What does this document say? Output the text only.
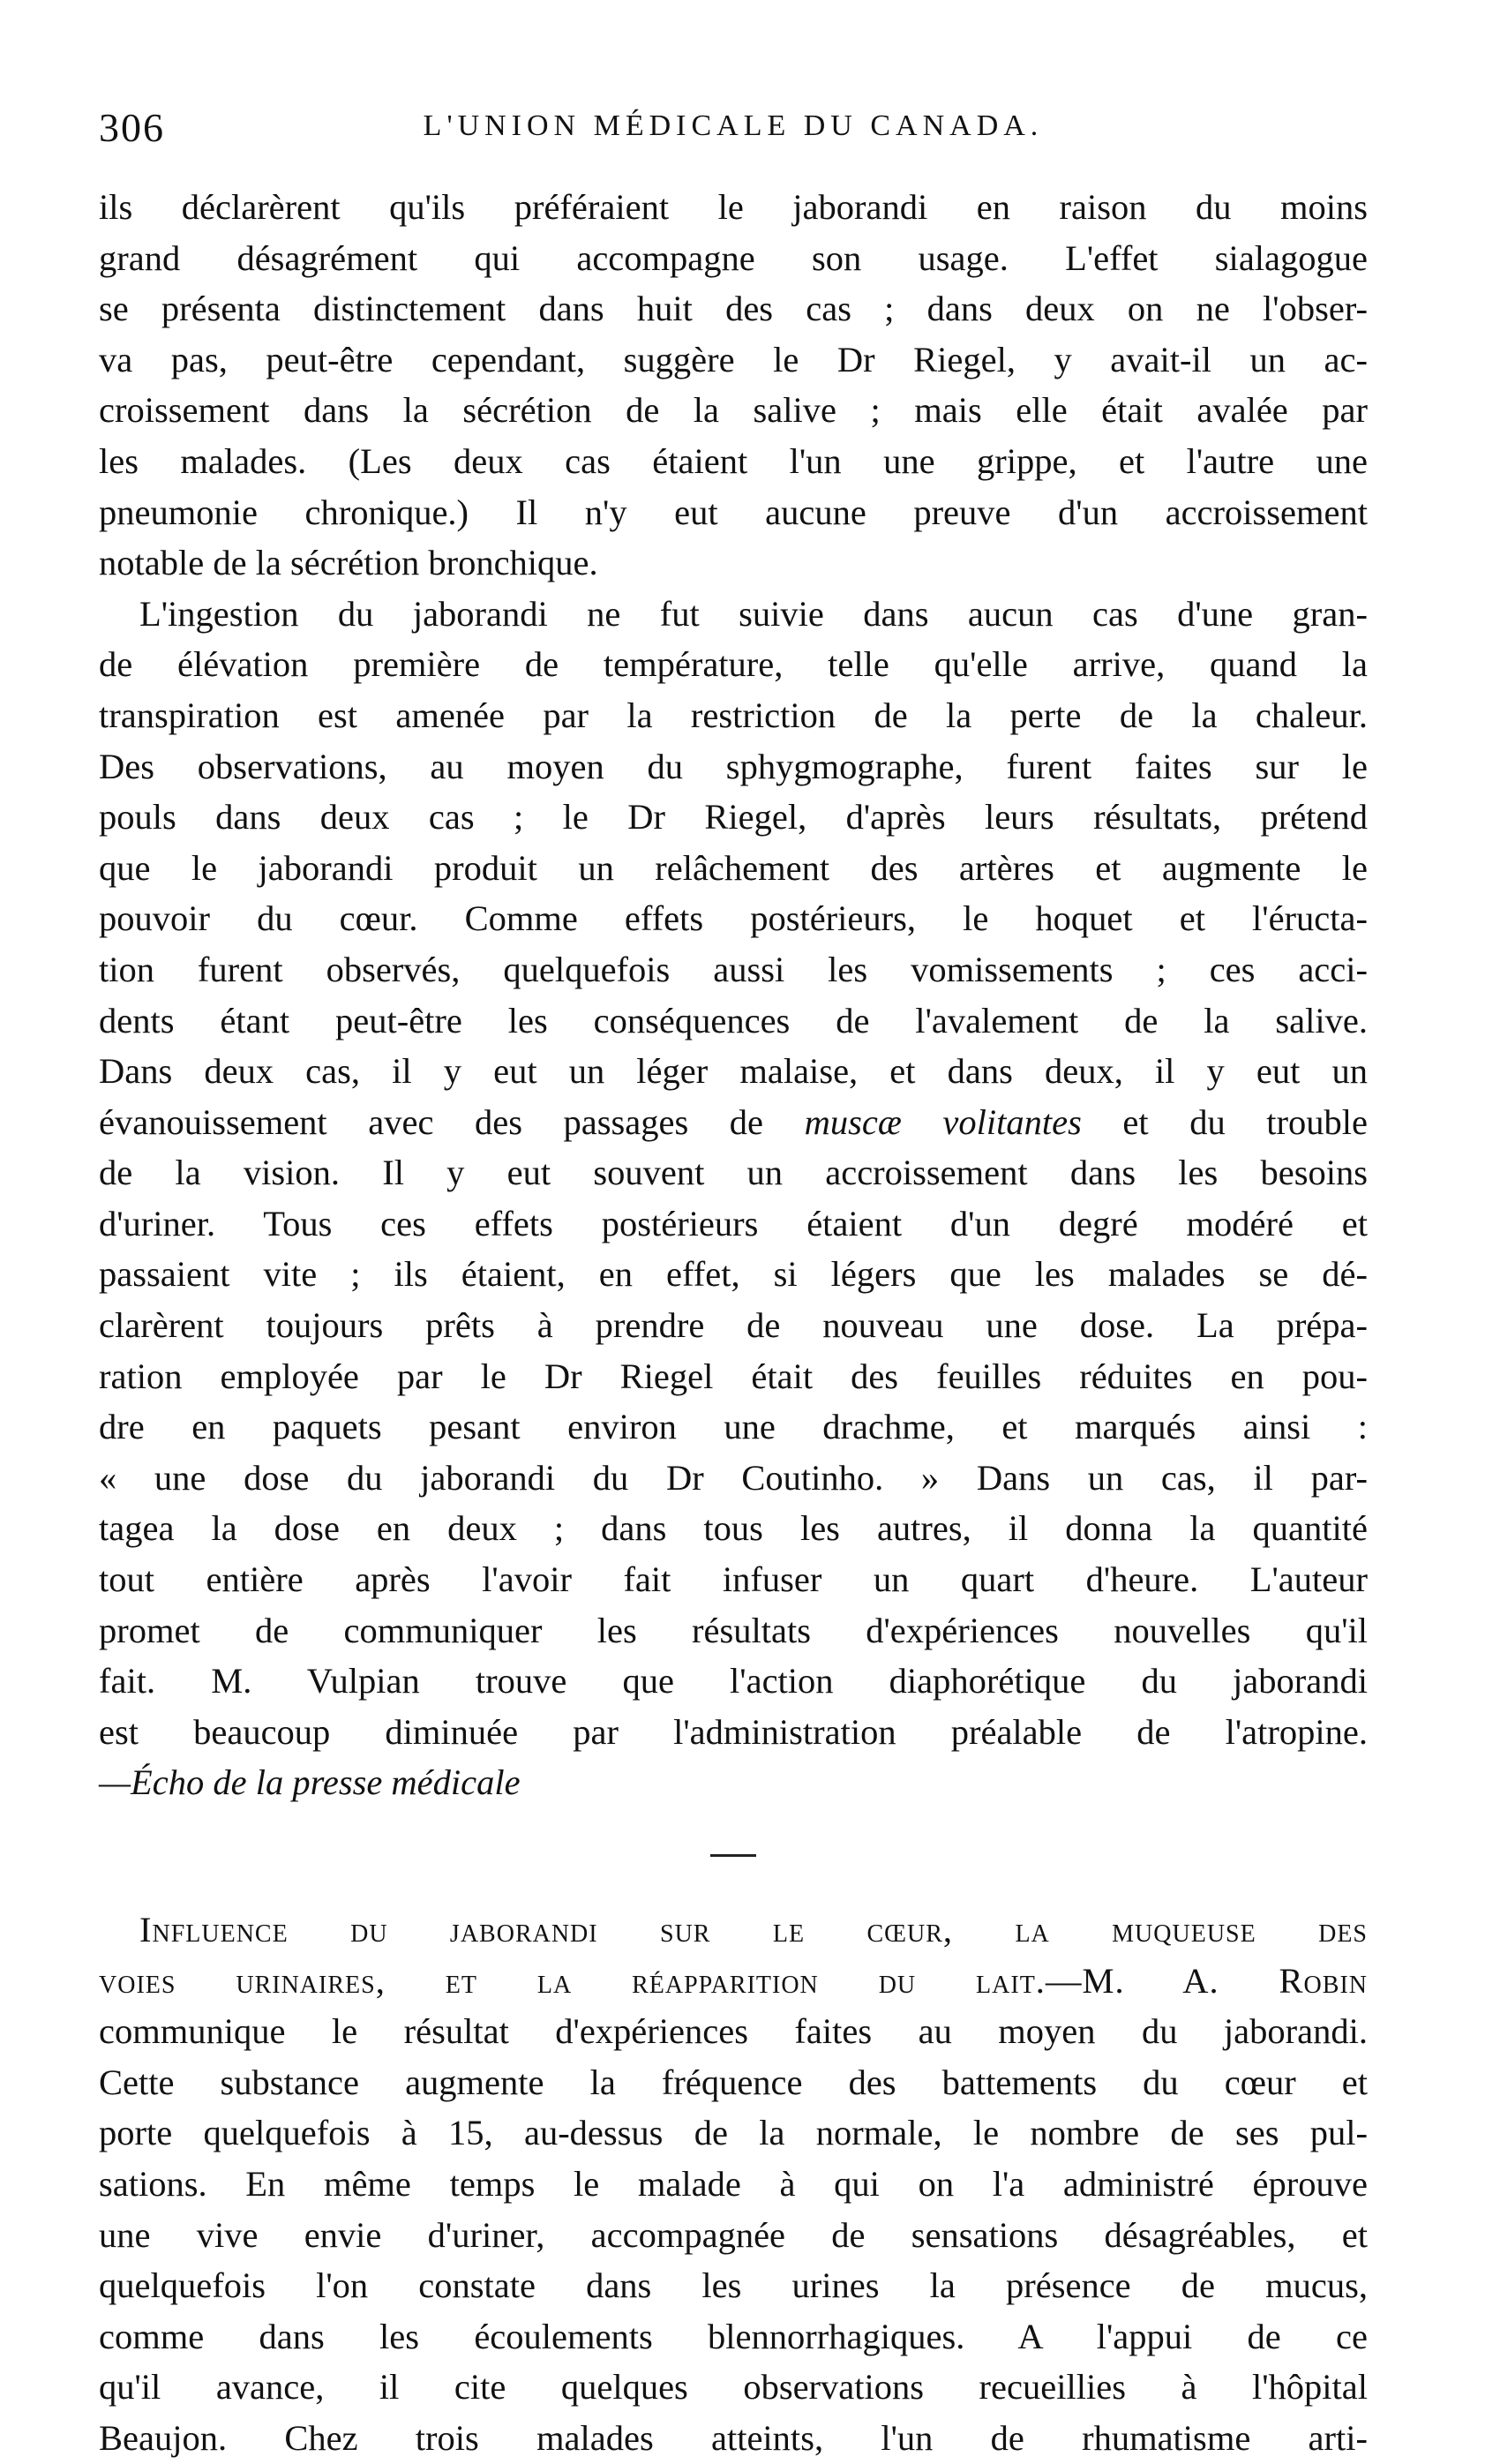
306	L'UNION MÉDICALE DU CANADA.
ils déclarèrent qu'ils préféraient le jaborandi en raison du moins
grand désagrément qui accompagne son usage. L'effet sialagogue
se présenta distinctement dans huit des cas ; dans deux on ne l'obser-
va pas, peut-être cependant, suggère le Dr Riegel, y avait-il un ac-
croissement dans la sécrétion de la salive ; mais elle était avalée par
les malades. (Les deux cas étaient l'un une grippe, et l'autre une
pneumonie chronique.) Il n'y eut aucune preuve d'un accroissement
notable de la sécrétion bronchique.
L'ingestion du jaborandi ne fut suivie dans aucun cas d'une gran-
de élévation première de température, telle qu'elle arrive, quand la
transpiration est amenée par la restriction de la perte de la chaleur.
Des observations, au moyen du sphygmographe, furent faites sur le
pouls dans deux cas ; le Dr Riegel, d'après leurs résultats, prétend
que le jaborandi produit un relâchement des artères et augmente le
pouvoir du cœur. Comme effets postérieurs, le hoquet et l'éructa-
tion furent observés, quelquefois aussi les vomissements ; ces acci-
dents étant peut-être les conséquences de l'avalement de la salive.
Dans deux cas, il y eut un léger malaise, et dans deux, il y eut un
évanouissement avec des passages de muscæ volitantes et du trouble
de la vision. Il y eut souvent un accroissement dans les besoins
d'uriner. Tous ces effets postérieurs étaient d'un degré modéré et
passaient vite ; ils étaient, en effet, si légers que les malades se dé-
clarèrent toujours prêts à prendre de nouveau une dose. La prépa-
ration employée par le Dr Riegel était des feuilles réduites en pou-
dre en paquets pesant environ une drachme, et marqués ainsi :
« une dose du jaborandi du Dr Coutinho. » Dans un cas, il par-
tagea la dose en deux ; dans tous les autres, il donna la quantité
tout entière après l'avoir fait infuser un quart d'heure. L'auteur
promet de communiquer les résultats d'expériences nouvelles qu'il
fait. M. Vulpian trouve que l'action diaphorétique du jaborandi
est beaucoup diminuée par l'administration préalable de l'atropine.
—Écho de la presse médicale
Influence du jaborandi sur le cœur, la muqueuse des
voies urinaires, et la réapparition du lait.—M. A. Robin
communique le résultat d'expériences faites au moyen du jaborandi.
Cette substance augmente la fréquence des battements du cœur et
porte quelquefois à 15, au-dessus de la normale, le nombre de ses pul-
sations. En même temps le malade à qui on l'a administré éprouve
une vive envie d'uriner, accompagnée de sensations désagréables, et
quelquefois l'on constate dans les urines la présence de mucus,
comme dans les écoulements blennorrhagiques. A l'appui de ce
qu'il avance, il cite quelques observations recueillies à l'hôpital
Beaujon. Chez trois malades atteints, l'un de rhumatisme arti-
